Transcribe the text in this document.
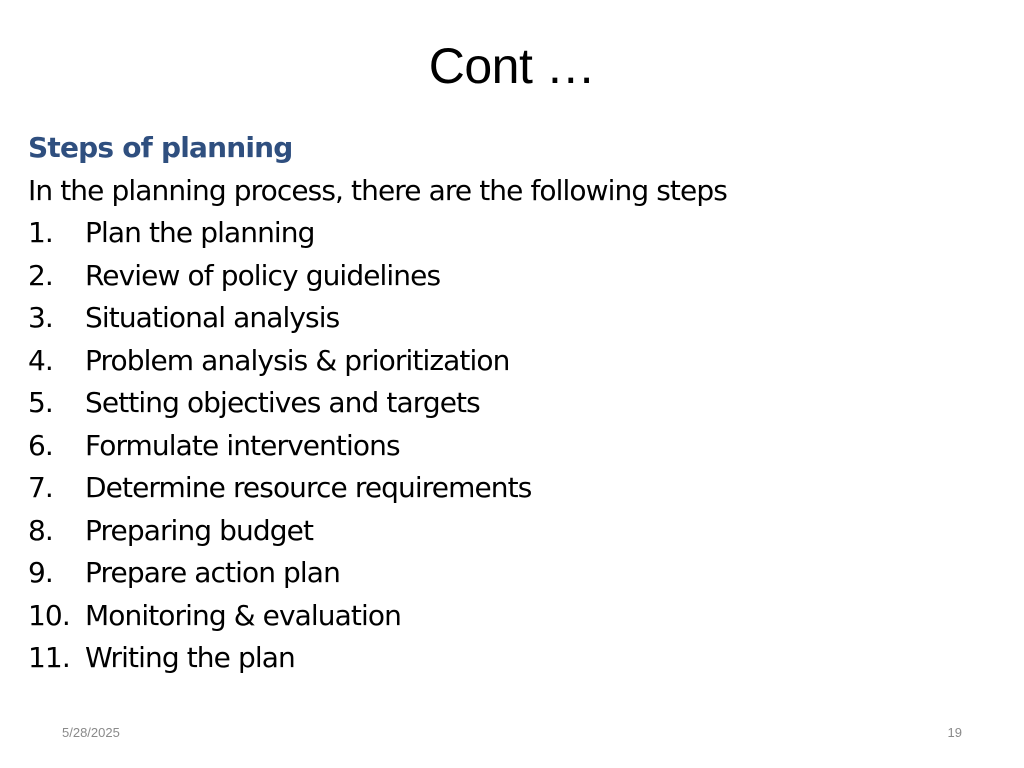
Cont …
Steps of planning
In the planning process, there are the following steps
1.	Plan the planning
2.	Review of policy guidelines
3.	Situational analysis
4.	Problem analysis & prioritization
5.	Setting objectives and targets
6.	Formulate interventions
7.	Determine resource requirements
8.	Preparing budget
9.	Prepare action plan
10. Monitoring & evaluation
11. Writing the plan
5/28/2025	19
